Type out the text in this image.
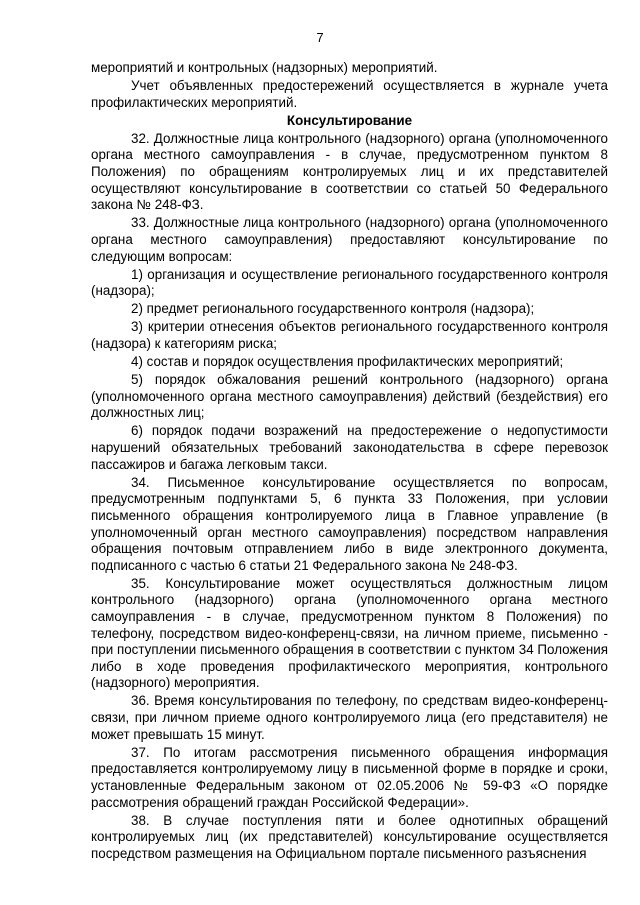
7

мероприятий и контрольных (надзорных) мероприятий.

Учет объявленных предостережений осуществляется в журнале учета профилактических мероприятий.

Консультирование

32. Должностные лица контрольного (надзорного) органа (уполномоченного органа местного самоуправления - в случае, предусмотренном пунктом 8 Положения) по обращениям контролируемых лиц и их представителей осуществляют консультирование в соответствии со статьей 50 Федерального закона № 248-ФЗ.

33. Должностные лица контрольного (надзорного) органа (уполномоченного органа местного самоуправления) предоставляют консультирование по следующим вопросам:

1) организация и осуществление регионального государственного контроля (надзора);

2) предмет регионального государственного контроля (надзора);

3) критерии отнесения объектов регионального государственного контроля (надзора) к категориям риска;

4) состав и порядок осуществления профилактических мероприятий;

5) порядок обжалования решений контрольного (надзорного) органа (уполномоченного органа местного самоуправления) действий (бездействия) его должностных лиц;

6) порядок подачи возражений на предостережение о недопустимости нарушений обязательных требований законодательства в сфере перевозок пассажиров и багажа легковым такси.

34. Письменное консультирование осуществляется по вопросам, предусмотренным подпунктами 5, 6 пункта 33 Положения, при условии письменного обращения контролируемого лица в Главное управление (в уполномоченный орган местного самоуправления) посредством направления обращения почтовым отправлением либо в виде электронного документа, подписанного с частью 6 статьи 21 Федерального закона № 248-ФЗ.

35. Консультирование может осуществляться должностным лицом контрольного (надзорного) органа (уполномоченного органа местного самоуправления - в случае, предусмотренном пунктом 8 Положения) по телефону, посредством видео-конференц-связи, на личном приеме, письменно - при поступлении письменного обращения в соответствии с пунктом 34 Положения либо в ходе проведения профилактического мероприятия, контрольного (надзорного) мероприятия.

36. Время консультирования по телефону, по средствам видео-конференц-связи, при личном приеме одного контролируемого лица (его представителя) не может превышать 15 минут.

37. По итогам рассмотрения письменного обращения информация предоставляется контролируемому лицу в письменной форме в порядке и сроки, установленные Федеральным законом от 02.05.2006 № 59-ФЗ «О порядке рассмотрения обращений граждан Российской Федерации».

38. В случае поступления пяти и более однотипных обращений контролируемых лиц (их представителей) консультирование осуществляется посредством размещения на Официальном портале письменного разъяснения
